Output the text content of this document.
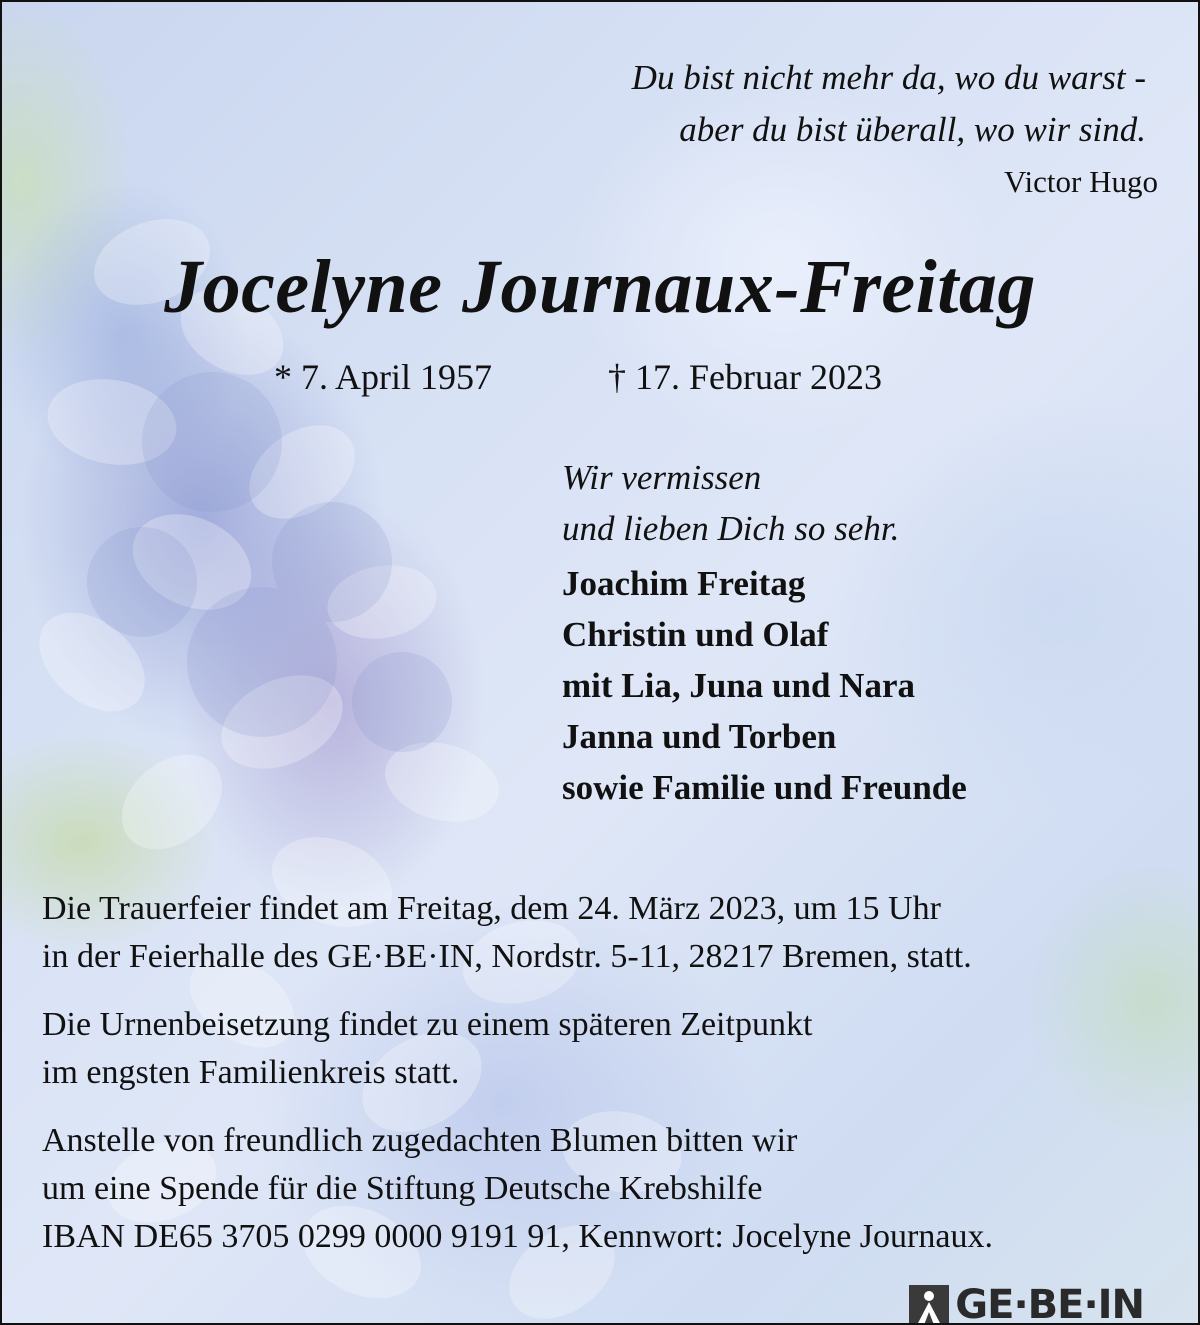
Du bist nicht mehr da, wo du warst -
aber du bist überall, wo wir sind.
Victor Hugo
Jocelyne Journaux-Freitag
* 7. April 1957	† 17. Februar 2023
Wir vermissen
und lieben Dich so sehr.
Joachim Freitag
Christin und Olaf
mit Lia, Juna und Nara
Janna und Torben
sowie Familie und Freunde
Die Trauerfeier findet am Freitag, dem 24. März 2023, um 15 Uhr
in der Feierhalle des GE·BE·IN, Nordstr. 5-11, 28217 Bremen, statt.
Die Urnenbeisetzung findet zu einem späteren Zeitpunkt
im engsten Familienkreis statt.
Anstelle von freundlich zugedachten Blumen bitten wir
um eine Spende für die Stiftung Deutsche Krebshilfe
IBAN DE65 3705 0299 0000 9191 91, Kennwort: Jocelyne Journaux.
GE·BE·IN
